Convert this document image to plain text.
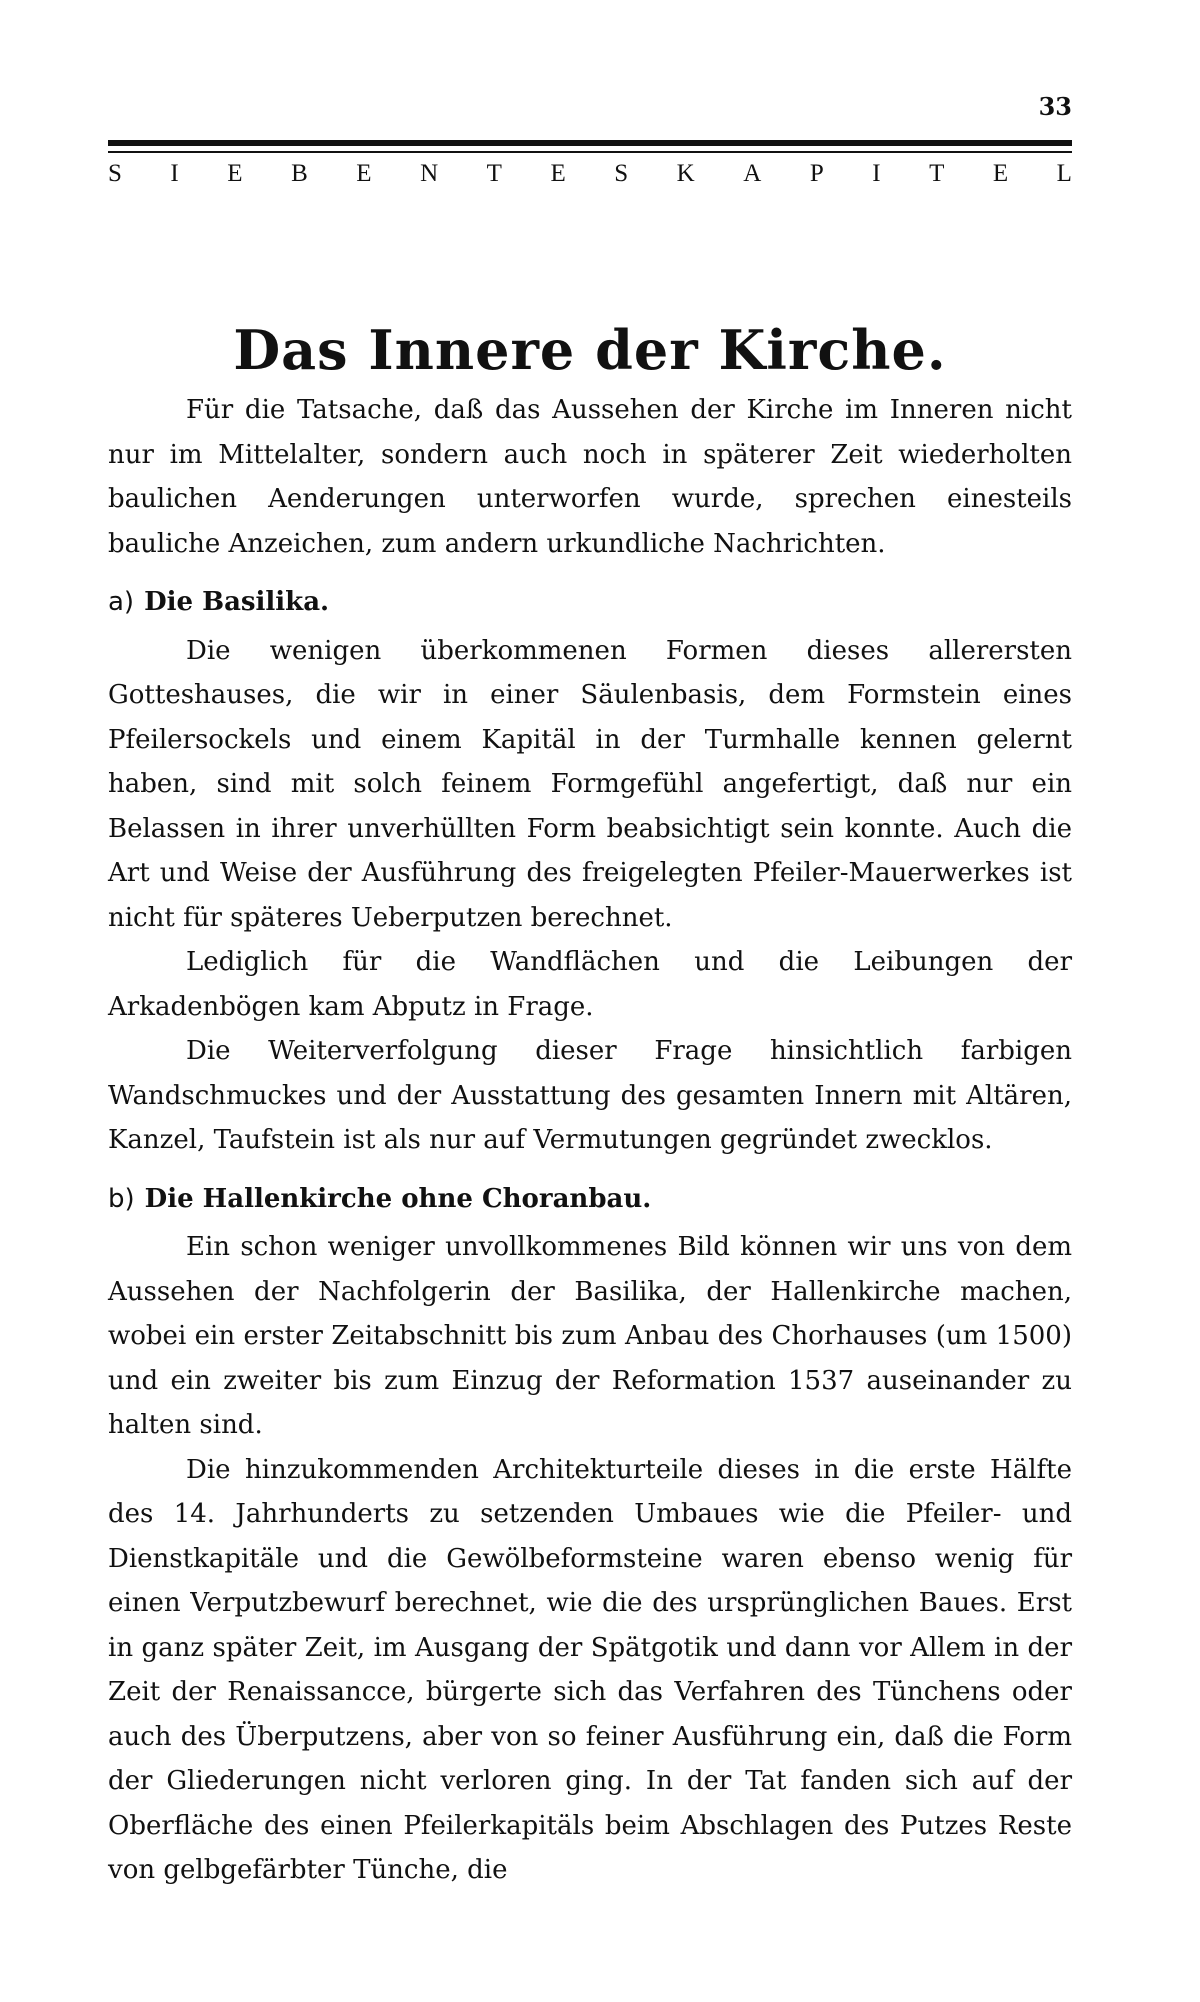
33
S I E B E N T E S K A P I T E L
Das Innere der Kirche.

Für die Tatsache, daß das Aussehen der Kirche im Inneren nicht nur im Mittelalter, sondern auch noch in späterer Zeit wiederholten baulichen Aenderungen unterworfen wurde, sprechen einesteils bauliche Anzeichen, zum andern urkundliche Nachrichten.

a) Die Basilika.

Die wenigen überkommenen Formen dieses allerersten Gotteshauses, die wir in einer Säulenbasis, dem Formstein eines Pfeilersockels und einem Kapitäl in der Turmhalle kennen gelernt haben, sind mit solch feinem Formgefühl angefertigt, daß nur ein Belassen in ihrer unverhüllten Form beabsichtigt sein konnte. Auch die Art und Weise der Ausführung des freigelegten Pfeiler-Mauerwerkes ist nicht für späteres Ueberputzen berechnet.

Lediglich für die Wandflächen und die Leibungen der Arkadenbögen kam Abputz in Frage.

Die Weiterverfolgung dieser Frage hinsichtlich farbigen Wandschmuckes und der Ausstattung des gesamten Innern mit Altären, Kanzel, Taufstein ist als nur auf Vermutungen gegründet zwecklos.

b) Die Hallenkirche ohne Choranbau.

Ein schon weniger unvollkommenes Bild können wir uns von dem Aussehen der Nachfolgerin der Basilika, der Hallenkirche machen, wobei ein erster Zeitabschnitt bis zum Anbau des Chorhauses (um 1500) und ein zweiter bis zum Einzug der Reformation 1537 auseinander zu halten sind.

Die hinzukommenden Architekturteile dieses in die erste Hälfte des 14. Jahrhunderts zu setzenden Umbaues wie die Pfeiler- und Dienstkapitäle und die Gewölbeformsteine waren ebenso wenig für einen Verputzbewurf berechnet, wie die des ursprünglichen Baues. Erst in ganz später Zeit, im Ausgang der Spätgotik und dann vor Allem in der Zeit der Renaissancce, bürgerte sich das Verfahren des Tünchens oder auch des Überputzens, aber von so feiner Ausführung ein, daß die Form der Gliederungen nicht verloren ging. In der Tat fanden sich auf der Oberfläche des einen Pfeilerkapitäls beim Abschlagen des Putzes Reste von gelbgefärbter Tünche, die
